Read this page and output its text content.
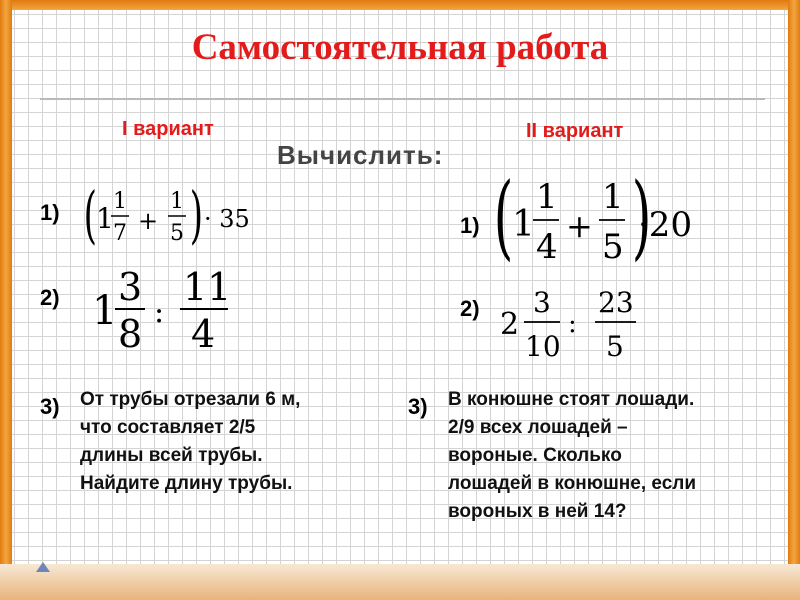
Самостоятельная работа
I вариант	II вариант
Вычислить:
1) ( 1
1
7 +
1
5 ) · 35
2) 1
3
8 :
11
4
3) От трубы отрезали 6 м,
что составляет 2/5
длины всей трубы.
Найдите длину трубы.
1) (
1
1
4
+
1
5 )
·20
2) 2
3
10
:
23
5
3) В конюшне стоят лошади.
2/9 всех лошадей –
вороные. Сколько
лошадей в конюшне, если
вороных в ней 14?
